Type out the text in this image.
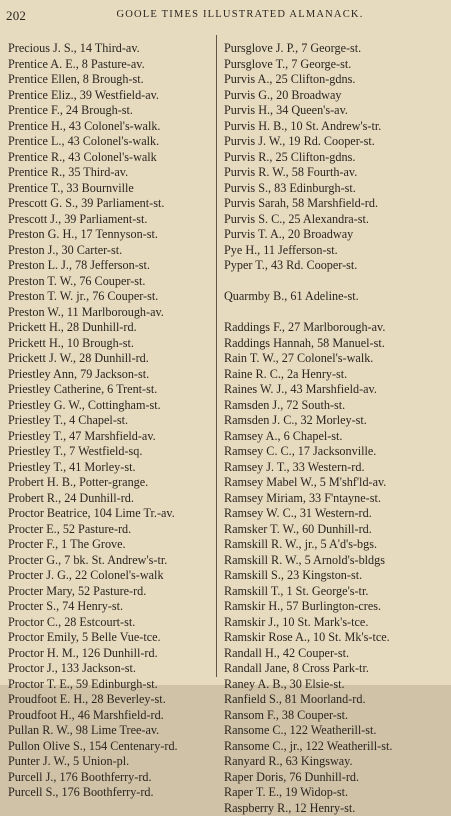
202	GOOLE TIMES ILLUSTRATED ALMANACK.
Precious J. S., 14 Third-av.
Prentice A. E., 8 Pasture-av.
Prentice Ellen, 8 Brough-st.
Prentice Eliz., 39 Westfield-av.
Prentice F., 24 Brough-st.
Prentice H., 43 Colonel's-walk.
Prentice L., 43 Colonel's-walk.
Prentice R., 43 Colonel's-walk
Prentice R., 35 Third-av.
Prentice T., 33 Bournville
Prescott G. S., 39 Parliament-st.
Prescott J., 39 Parliament-st.
Preston G. H., 17 Tennyson-st.
Preston J., 30 Carter-st.
Preston L. J., 78 Jefferson-st.
Preston T. W., 76 Couper-st.
Preston T. W. jr., 76 Couper-st.
Preston W., 11 Marlborough-av.
Prickett H., 28 Dunhill-rd.
Prickett H., 10 Brough-st.
Prickett J. W., 28 Dunhill-rd.
Priestley Ann, 79 Jackson-st.
Priestley Catherine, 6 Trent-st.
Priestley G. W., Cottingham-st.
Priestley T., 4 Chapel-st.
Priestley T., 47 Marshfield-av.
Priestley T., 7 Westfield-sq.
Priestley T., 41 Morley-st.
Probert H. B., Potter-grange.
Probert R., 24 Dunhill-rd.
Proctor Beatrice, 104 Lime Tr.-av.
Procter E., 52 Pasture-rd.
Procter F., 1 The Grove.
Procter G., 7 bk. St. Andrew's-tr.
Procter J. G., 22 Colonel's-walk
Procter Mary, 52 Pasture-rd.
Procter S., 74 Henry-st.
Proctor C., 28 Estcourt-st.
Proctor Emily, 5 Belle Vue-tce.
Proctor H. M., 126 Dunhill-rd.
Proctor J., 133 Jackson-st.
Proctor T. E., 59 Edinburgh-st.
Proudfoot E. H., 28 Beverley-st.
Proudfoot H., 46 Marshfield-rd.
Pullan R. W., 98 Lime Tree-av.
Pullon Olive S., 154 Centenary-rd.
Punter J. W., 5 Union-pl.
Purcell J., 176 Boothferry-rd.
Purcell S., 176 Boothferry-rd.
Pursglove J. P., 7 George-st.
Pursglove T., 7 George-st.
Purvis A., 25 Clifton-gdns.
Purvis G., 20 Broadway
Purvis H., 34 Queen's-av.
Purvis H. B., 10 St. Andrew's-tr.
Purvis J. W., 19 Rd. Cooper-st.
Purvis R., 25 Clifton-gdns.
Purvis R. W., 58 Fourth-av.
Purvis S., 83 Edinburgh-st.
Purvis Sarah, 58 Marshfield-rd.
Purvis S. C., 25 Alexandra-st.
Purvis T. A., 20 Broadway
Pye H., 11 Jefferson-st.
Pyper T., 43 Rd. Cooper-st.
Quarmby B., 61 Adeline-st.
Raddings F., 27 Marlborough-av.
Raddings Hannah, 58 Manuel-st.
Rain T. W., 27 Colonel's-walk.
Raine R. C., 2a Henry-st.
Raines W. J., 43 Marshfield-av.
Ramsden J., 72 South-st.
Ramsden J. C., 32 Morley-st.
Ramsey A., 6 Chapel-st.
Ramsey C. C., 17 Jacksonville.
Ramsey J. T., 33 Western-rd.
Ramsey Mabel W., 5 M'shf'ld-av.
Ramsey Miriam, 33 F'ntayne-st.
Ramsey W. C., 31 Western-rd.
Ramsker T. W., 60 Dunhill-rd.
Ramskill R. W., jr., 5 A'd's-bgs.
Ramskill R. W., 5 Arnold's-bldgs
Ramskill S., 23 Kingston-st.
Ramskill T., 1 St. George's-tr.
Ramskir H., 57 Burlington-cres.
Ramskir J., 10 St. Mark's-tce.
Ramskir Rose A., 10 St. Mk's-tce.
Randall H., 42 Couper-st.
Randall Jane, 8 Cross Park-tr.
Raney A. B., 30 Elsie-st.
Ranfield S., 81 Moorland-rd.
Ransom F., 38 Couper-st.
Ransome C., 122 Weatherill-st.
Ransome C., jr., 122 Weatherill-st.
Ranyard R., 63 Kingsway.
Raper Doris, 76 Dunhill-rd.
Raper T. E., 19 Widop-st.
Raspberry R., 12 Henry-st.
